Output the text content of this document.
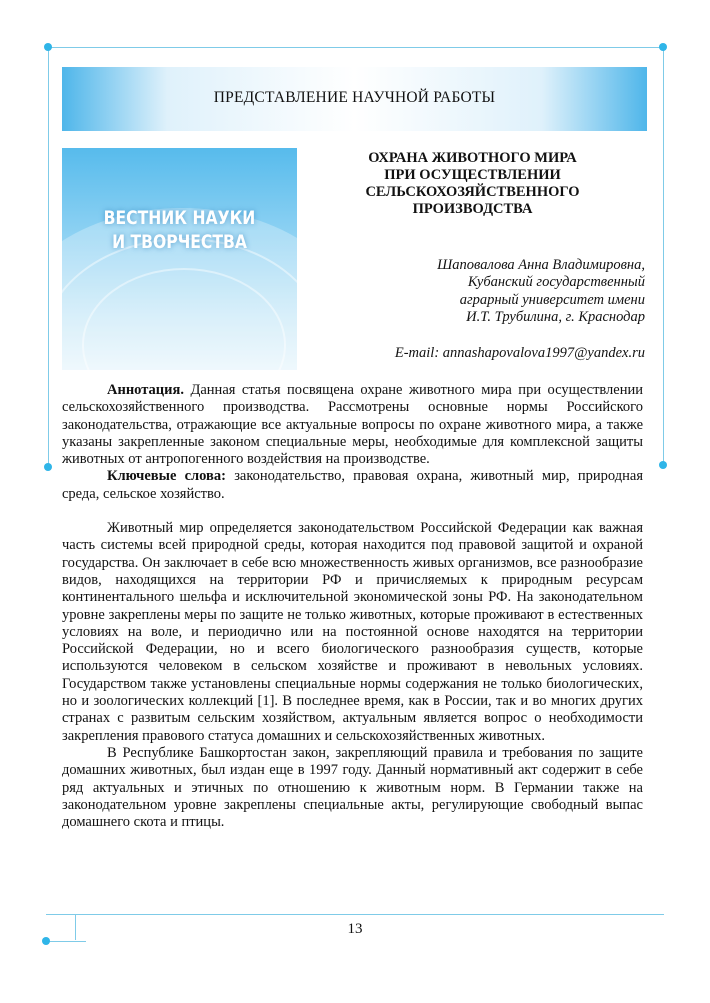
ПРЕДСТАВЛЕНИЕ НАУЧНОЙ РАБОТЫ
ВЕСТНИК НАУКИ
И ТВОРЧЕСТВА
ОХРАНА ЖИВОТНОГО МИРА
ПРИ ОСУЩЕСТВЛЕНИИ
СЕЛЬСКОХОЗЯЙСТВЕННОГО
ПРОИЗВОДСТВА
Шаповалова Анна Владимировна,
Кубанский государственный
аграрный университет имени
И.Т. Трубилина, г. Краснодар
E-mail: annashapovalova1997@yandex.ru

Аннотация. Данная статья посвящена охране животного мира при осуществлении сельскохозяйственного производства. Рассмотрены основные нормы Российского законодательства, отражающие все актуальные вопросы по охране животного мира, а также указаны закрепленные законом специальные меры, необходимые для комплексной защиты животных от антропогенного воздействия на производстве.

Ключевые слова: законодательство, правовая охрана, животный мир, природная среда, сельское хозяйство.

Животный мир определяется законодательством Российской Федерации как важная часть системы всей природной среды, которая находится под правовой защитой и охраной государства. Он заключает в себе всю множественность живых организмов, все разнообразие видов, находящихся на территории РФ и причисляемых к природным ресурсам континентального шельфа и исключительной экономической зоны РФ. На законодательном уровне закреплены меры по защите не только животных, которые проживают в естественных условиях на воле, и периодично или на постоянной основе находятся на территории Российской Федерации, но и всего биологического разнообразия существ, которые используются человеком в сельском хозяйстве и проживают в невольных условиях. Государством также установлены специальные нормы содержания не только биологических, но и зоологических коллекций [1]. В последнее время, как в России, так и во многих других странах с развитым сельским хозяйством, актуальным является вопрос о необходимости закрепления правового статуса домашних и сельскохозяйственных животных.

В Республике Башкортостан закон, закрепляющий правила и требования по защите домашних животных, был издан еще в 1997 году. Данный нормативный акт содержит в себе ряд актуальных и этичных по отношению к животным норм. В Германии также на законодательном уровне закреплены специальные акты, регулирующие свободный выпас домашнего скота и птицы.

13
